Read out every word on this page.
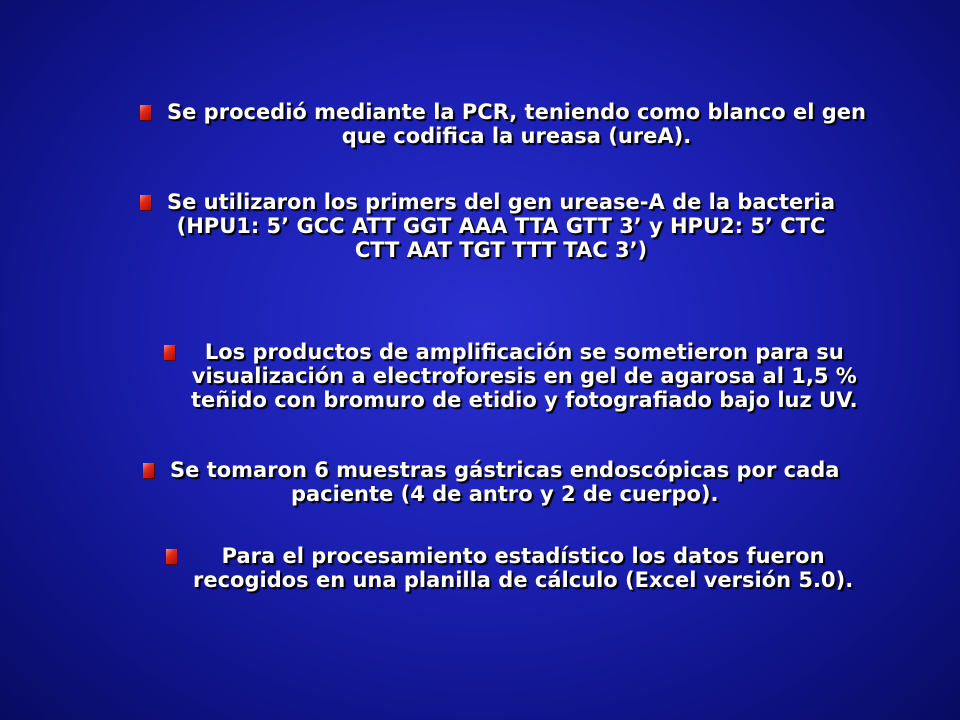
Se procedió mediante la PCR, teniendo como blanco el gen
que codifica la ureasa (ureA).
Se utilizaron los primers del gen urease-A de la bacteria
(HPU1: 5’ GCC ATT GGT AAA TTA GTT 3’ y HPU2: 5’ CTC
CTT AAT TGT TTT TAC 3’)
Los productos de amplificación se sometieron para su
visualización a electroforesis en gel de agarosa al 1,5 %
teñido con bromuro de etidio y fotografiado bajo luz UV.
Se tomaron 6 muestras gástricas endoscópicas por cada
paciente (4 de antro y 2 de cuerpo).
Para el procesamiento estadístico los datos fueron
recogidos en una planilla de cálculo (Excel versión 5.0).
